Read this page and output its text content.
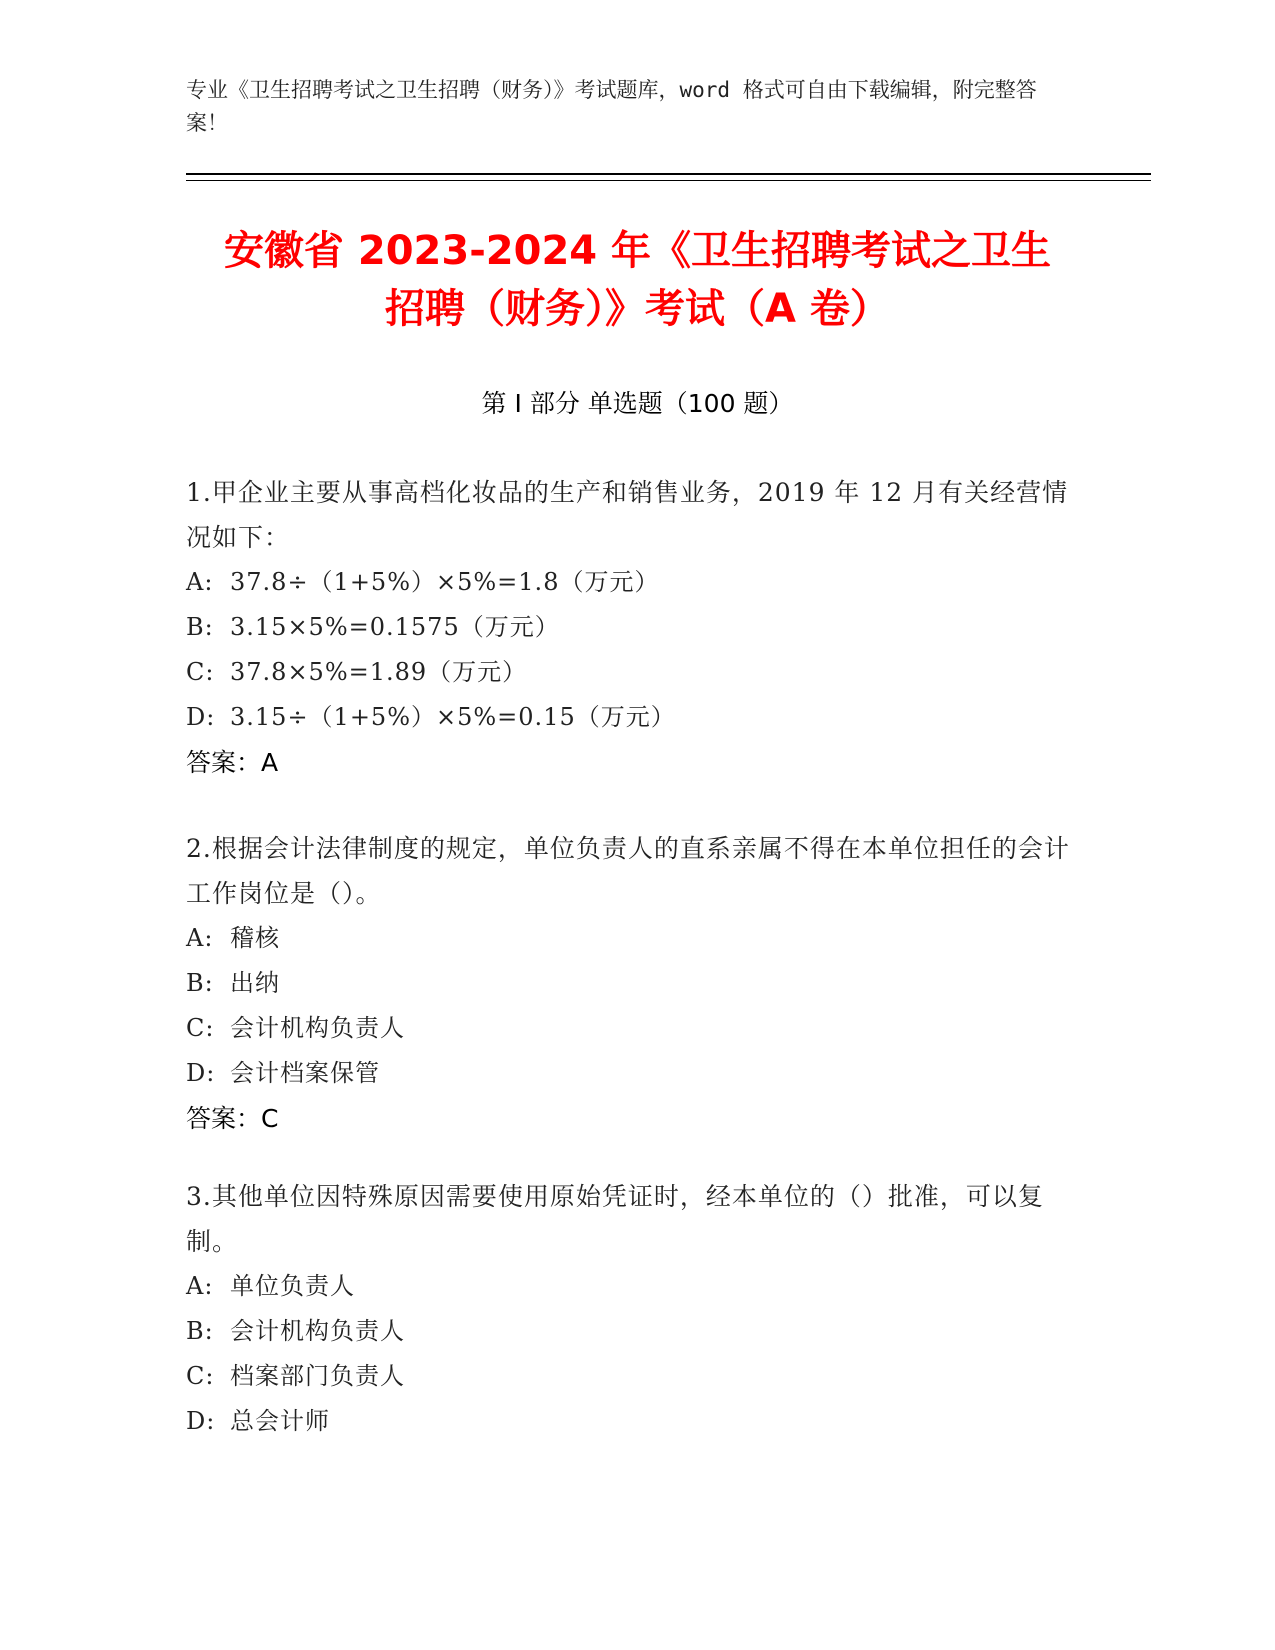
专业《卫生招聘考试之卫生招聘（财务）》考试题库，word 格式可自由下载编辑，附完整答案！
安徽省 2023-2024 年《卫生招聘考试之卫生
招聘（财务）》考试（A 卷）
第 I 部分 单选题（100 题）

1.甲企业主要从事高档化妆品的生产和销售业务，2019 年 12 月有关经营情况如下：

A: 37.8÷（1+5%）×5%=1.8（万元）

B: 3.15×5%=0.1575（万元）

C: 37.8×5%=1.89（万元）

D: 3.15÷（1+5%）×5%=0.15（万元）

答案：A

2.根据会计法律制度的规定，单位负责人的直系亲属不得在本单位担任的会计工作岗位是（）。

A: 稽核

B: 出纳

C: 会计机构负责人

D: 会计档案保管

答案：C

3.其他单位因特殊原因需要使用原始凭证时，经本单位的（）批准，可以复制。

A: 单位负责人

B: 会计机构负责人

C: 档案部门负责人

D: 总会计师
